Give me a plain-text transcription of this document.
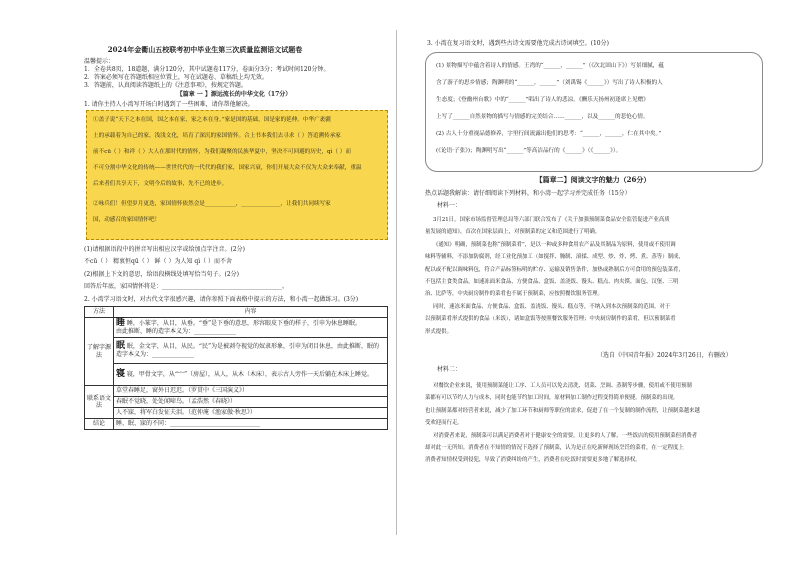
2024年金衢山五校联考初中毕业生第三次质量监测语文试题卷
温馨提示：
1．全卷共8页，18道题，满分120分，其中试题卷117分，卷面分3分；考试时间120分钟。
2．答案必须写在答题纸相应位置上，写在试题卷、草稿纸上均无效。
3．答题前，认真阅读答题纸上的《注意事项》，按规定答题。
【篇章 一 】源远流长的中华文化（17分）
1. 请你主持人小湾写开场白时遇到了一些困难，请你帮他解决。
①盖子说“天下之本在国，国之本在家，家之本在身。”家是国的基础，国是家的延伸。中华广袤疆
土的承载着为自己的家，浅浅文化，培育了深沉的家国情怀。合上书本我们去寻求（ ）答追溯传承家
前不cū（ ）和祥（ ）大人在那时代的情怀，为我们凝聚的民族华夏中，坚决不可回避的历史，qì（ ）而
不可分割中华文化的传统——世世代代的一代代的我们家，国家兴衰，你们开展大众不仅为大众来奉献，重温
后来者们共享天下，文明今后的故事，先不已的进步。
②咏兵们！但望岁月更迭，家国情怀依然会是___________，______________，让我们共同续写家
国，动感召的家国情怀吧！
(1)请根据语段中的拼音写出相应汉字或给加点字注音。(2分)
不cū（ ） 精衷恒qū（ ） 鲜（ ）为人知 qì（ ）而不舍
(2)根据上下文的意思，给语段横线处填写恰当句子。(2分)
回答后年底，家国情怀将是：________________________________________。
2. 小湾学习语文时，对古代文字很感兴趣，请你参照下面表格中提示的方法，和小湾一起做练习。(3分)
方法	内容
了解字源法	睡 睡，小篆字，从目，从垂。“垂”是下垂的意思，形容眼皮下垂的样子，引申为休息睡眠。
由此推断，睡的造字本义为：______________
	眠 眠，金文字，从目，从民。“民”为是被剥夺视觉的奴隶形象，引申为闭目休息，由此推断，眠的造字本义为：______________
	寝 寝，甲骨文字，从“宀”（房屋），从人，从木（木床），表示古人旁作一天后躺在木床上睡觉。
联系语文法	草堂春睡足，窗外日迟迟。（罗贯中《三国演义》）
	春眠不觉晓，处处闻啼鸟。（孟浩然《春晓》）
	人不寐，将军白发征夫泪。（范仲淹《渔家傲·秋思》）
结论	睡、眠、寐的不同：______________________________
3. 小湾在复习语文时，遇到些古诗文需要他完成古诗词填空。(10分)
(1) 景物描写中蕴含着诗人的情感。王湾的“______，______”（《次北固山下》）写景细腻，蕴
含了游子的思乡情感；陶渊明的“______，______”（刘禹锡《______》）写出了诗人积极的人
生态度；《登幽州台歌》中的“______”唱出了诗人的悲凉。《酬乐天扬州初逢席上见赠》
上写了______自然景物的描写与情感的完美结合……______，以及______的悲怆心情。
(2) 古人十分重视品德修养，字里行间流露出他们的思考：“______，______，仁在其中矣。”
(《论语·子张》)；陶渊明写出“______”等高洁品行的《______》（《______》）。
【篇章二】阅读文字的魅力（26分）
热点话题我解读：请仔细阅读下列材料，和小湾一起学习并完成任务（15分）
材料一：
3月21日，国家市场监督管理总局等六部门联合发布了《关于加强预制菜食品安全监管促进产业高质
量发展的通知》，首次在国家层面上，对预制菜的定义和范围进行了明确。
《通知》明确，预制菜也称“预制菜肴”，是以一种或多种食用农产品及其制品为原料，使用或不使用调
味料等辅料，不添加防腐剂，经工业化预加工（如搅拌、腌制、滚揉、成型、炒、炸、烤、煮、蒸等）制成，
配以或不配以调味料包，符合产品标签标明的贮存、运输及销售条件，加热或熟制后方可食用的预包装菜肴，
不包括主食类食品，如速冻面米食品、方便食品、盒饭、盖浇饭、馒头、糕点、肉夹馍、面包、汉堡、三明
治、比萨等，中央厨房制作的菜肴也不属于预制菜，应按照餐饮服务管理。
同时，速冻米面食品、方便食品、盒饭、盖浇饭、馒头、糕点等，不纳入到本次预制菜的范围。对于
以预制菜肴形式提供的食品（米饭），诸如盒饭等按照餐饮服务管理；中央厨房制作的菜肴，但以预制菜肴
形式提供。
（选自《中国青年报》2024年3月26日，有删改）
材料二：
对餐饮企业来说，使用预制菜能让工序、工人员可以免去清洗、切菜、烹调、蒸制等步骤，使用或不使用预制
菜都有可以节约人力与成本，同时也能节约加工时间，原材料加工制作过程变得简单便捷。预制菜的出现，
也让预制菜都对经营者来说，减少了加工环节和厨师等职位的需求，促进了在一个复制的制作流程，让预制菜越来越
受欢迎而行走。
对消费者来说，预制菜可以满足消费者对于健康安全的需要，让更多的人了解，一些饭店的使用预制菜但消费者
却对此一无所知。消费者在不知情的情况下选择了预制菜，认为是正在吃新鲜现场烹饪的菜肴，在一定程度上
消费者知情权受到侵犯，导致了消费纠纷的产生，消费者在吃饭时需要更多地了解选择权。
